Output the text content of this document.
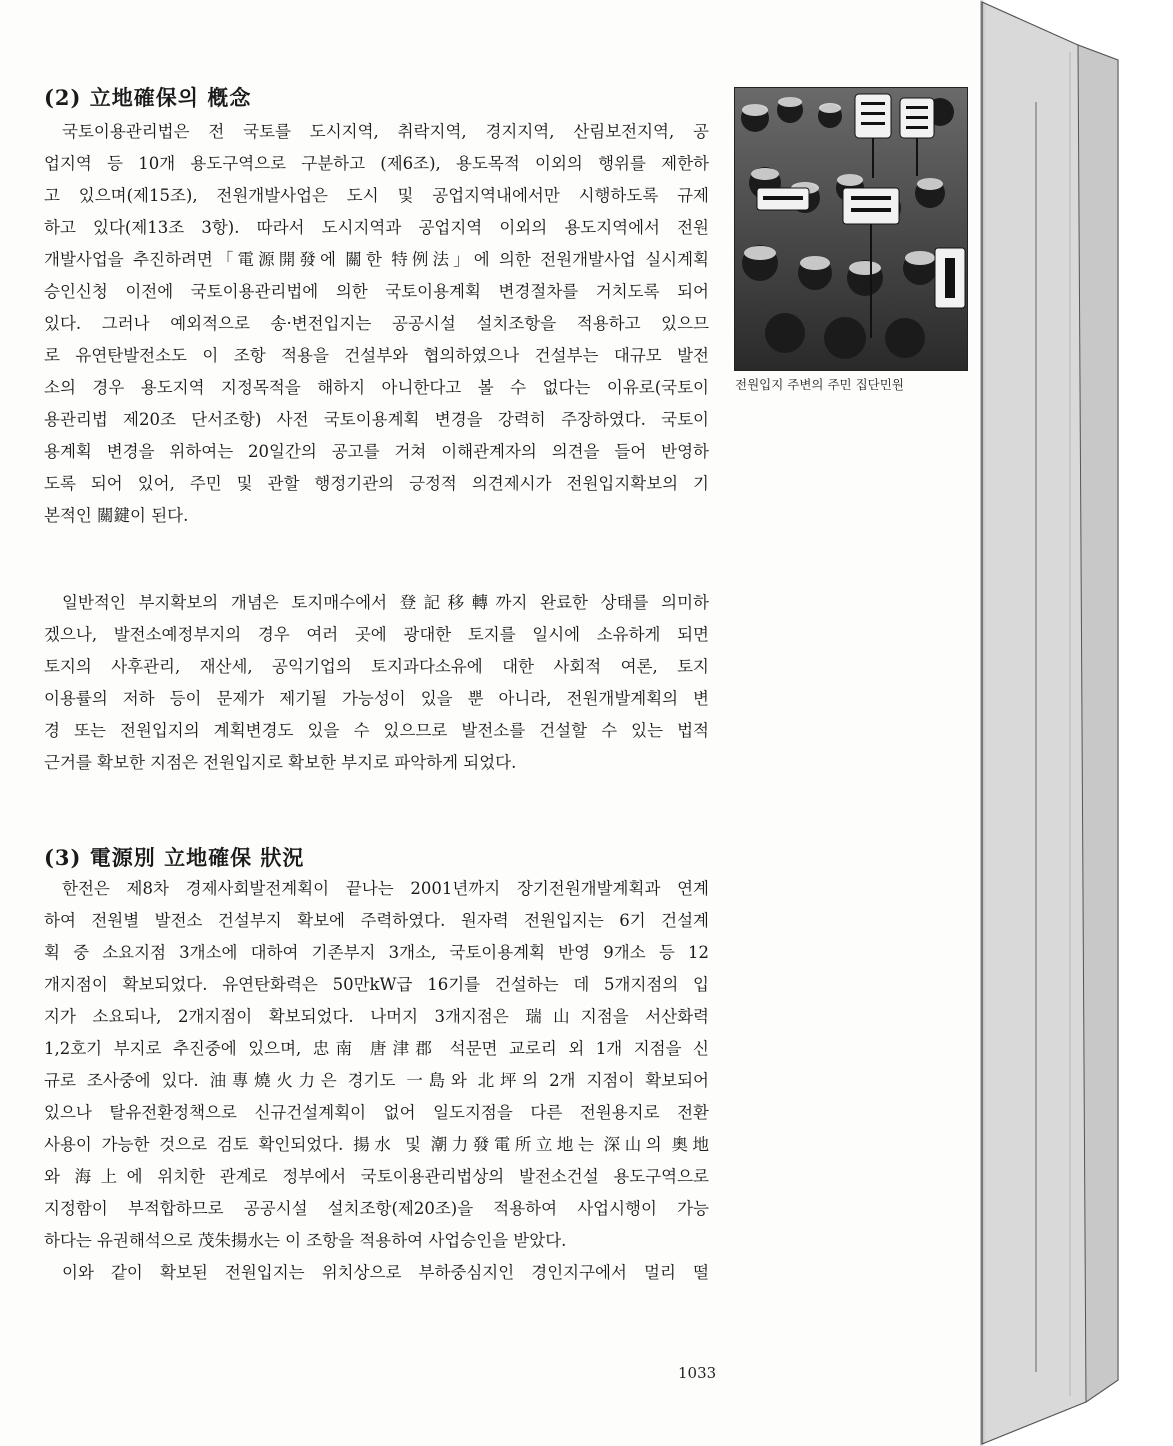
(2) 立地確保의 槪念
국토이용관리법은 전 국토를 도시지역, 취락지역, 경지지역, 산림보전지역, 공
업지역 등 10개 용도구역으로 구분하고 (제6조), 용도목적 이외의 행위를 제한하
고 있으며(제15조), 전원개발사업은 도시 및 공업지역내에서만 시행하도록 규제
하고 있다(제13조 3항). 따라서 도시지역과 공업지역 이외의 용도지역에서 전원
개발사업을 추진하려면「電源開發에 關한 特例法」에 의한 전원개발사업 실시계획
승인신청 이전에 국토이용관리법에 의한 국토이용계획 변경절차를 거치도록 되어
있다. 그러나 예외적으로 송·변전입지는 공공시설 설치조항을 적용하고 있으므
로 유연탄발전소도 이 조항 적용을 건설부와 협의하였으나 건설부는 대규모 발전
소의 경우 용도지역 지정목적을 해하지 아니한다고 볼 수 없다는 이유로(국토이
용관리법 제20조 단서조항) 사전 국토이용계획 변경을 강력히 주장하였다. 국토이
용계획 변경을 위하여는 20일간의 공고를 거쳐 이해관계자의 의견을 들어 반영하
도록 되어 있어, 주민 및 관할 행정기관의 긍정적 의견제시가 전원입지확보의 기
본적인 關鍵이 된다.
일반적인 부지확보의 개념은 토지매수에서 登記移轉까지 완료한 상태를 의미하
겠으나, 발전소예정부지의 경우 여러 곳에 광대한 토지를 일시에 소유하게 되면
토지의 사후관리, 재산세, 공익기업의 토지과다소유에 대한 사회적 여론, 토지
이용률의 저하 등이 문제가 제기될 가능성이 있을 뿐 아니라, 전원개발계획의 변
경 또는 전원입지의 계획변경도 있을 수 있으므로 발전소를 건설할 수 있는 법적
근거를 확보한 지점은 전원입지로 확보한 부지로 파악하게 되었다.
전원입지 주변의 주민 집단민원
(3) 電源別 立地確保 狀況
한전은 제8차 경제사회발전계획이 끝나는 2001년까지 장기전원개발계획과 연계
하여 전원별 발전소 건설부지 확보에 주력하였다. 원자력 전원입지는 6기 건설계
획 중 소요지점 3개소에 대하여 기존부지 3개소, 국토이용계획 반영 9개소 등 12
개지점이 확보되었다. 유연탄화력은 50만kW급 16기를 건설하는 데 5개지점의 입
지가 소요되나, 2개지점이 확보되었다. 나머지 3개지점은 瑞山지점을 서산화력
1,2호기 부지로 추진중에 있으며, 忠南 唐津郡 석문면 교로리 외 1개 지점을 신
규로 조사중에 있다. 油專燒火力은 경기도 一島와 北坪의 2개 지점이 확보되어
있으나 탈유전환정책으로 신규건설계획이 없어 일도지점을 다른 전원용지로 전환
사용이 가능한 것으로 검토 확인되었다. 揚水 및 潮力發電所立地는 深山의 奧地
와 海上에 위치한 관계로 정부에서 국토이용관리법상의 발전소건설 용도구역으로
지정함이 부적합하므로 공공시설 설치조항(제20조)을 적용하여 사업시행이 가능
하다는 유권해석으로 茂朱揚水는 이 조항을 적용하여 사업승인을 받았다.
이와 같이 확보된 전원입지는 위치상으로 부하중심지인 경인지구에서 멀리 떨
1033
